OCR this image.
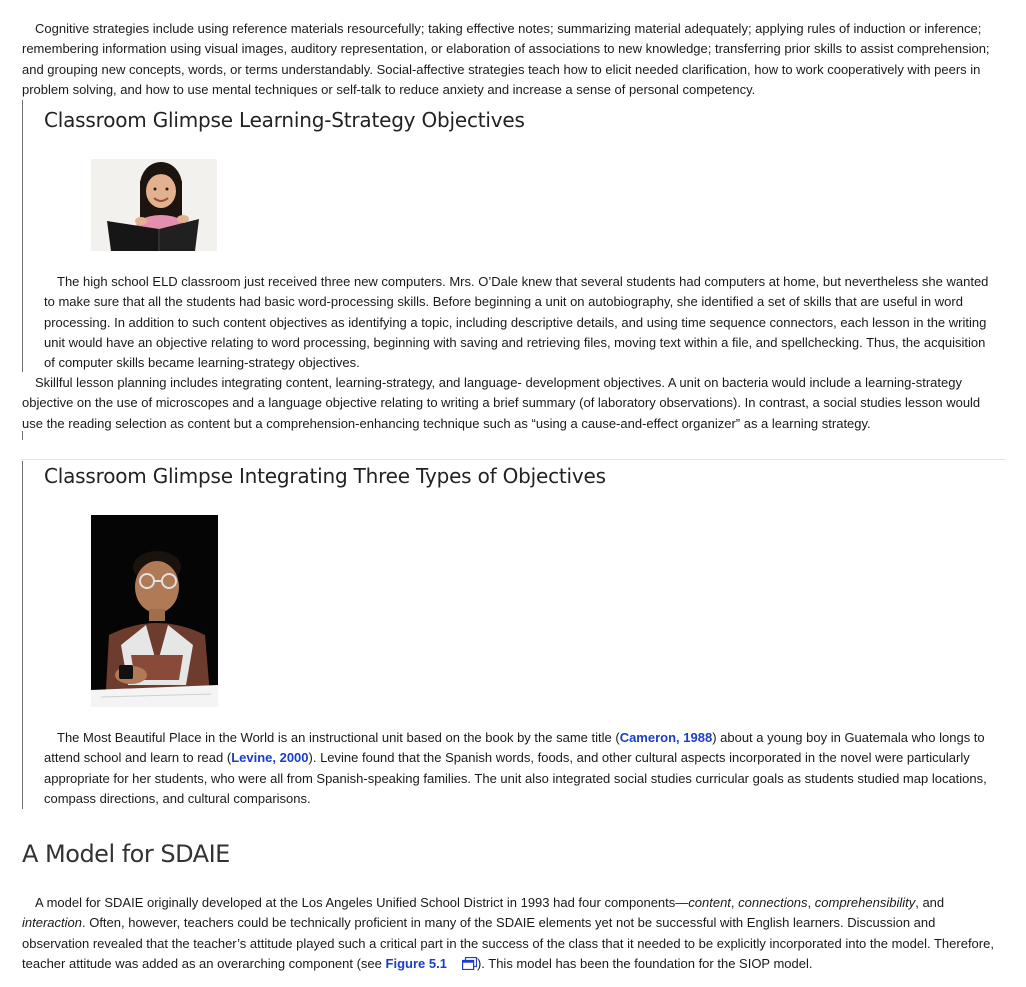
Cognitive strategies include using reference materials resourcefully; taking effective notes; summarizing material adequately; applying rules of induction or inference; remembering information using visual images, auditory representation, or elaboration of associations to new knowledge; transferring prior skills to assist comprehension; and grouping new concepts, words, or terms understandably. Social-affective strategies teach how to elicit needed clarification, how to work cooperatively with peers in problem solving, and how to use mental techniques or self-talk to reduce anxiety and increase a sense of personal competency.

Classroom Glimpse Learning-Strategy Objectives

The high school ELD classroom just received three new computers. Mrs. O’Dale knew that several students had computers at home, but nevertheless she wanted to make sure that all the students had basic word-processing skills. Before beginning a unit on autobiography, she identified a set of skills that are useful in word processing. In addition to such content objectives as identifying a topic, including descriptive details, and using time sequence connectors, each lesson in the writing unit would have an objective relating to word processing, beginning with saving and retrieving files, moving text within a file, and spellchecking. Thus, the acquisition of computer skills became learning-strategy objectives.

Skillful lesson planning includes integrating content, learning-strategy, and language- development objectives. A unit on bacteria would include a learning-strategy objective on the use of microscopes and a language objective relating to writing a brief summary (of laboratory observations). In contrast, a social studies lesson would use the reading selection as content but a comprehension-enhancing technique such as “using a cause-and-effect organizer” as a learning strategy.

Classroom Glimpse Integrating Three Types of Objectives

The Most Beautiful Place in the World is an instructional unit based on the book by the same title (Cameron, 1988) about a young boy in Guatemala who longs to attend school and learn to read (Levine, 2000). Levine found that the Spanish words, foods, and other cultural aspects incorporated in the novel were particularly appropriate for her students, who were all from Spanish-speaking families. The unit also integrated social studies curricular goals as students studied map locations, compass directions, and cultural comparisons.

A Model for SDAIE

A model for SDAIE originally developed at the Los Angeles Unified School District in 1993 had four components—content, connections, comprehensibility, and interaction. Often, however, teachers could be technically proficient in many of the SDAIE elements yet not be successful with English learners. Discussion and observation revealed that the teacher’s attitude played such a critical part in the success of the class that it needed to be explicitly incorporated into the model. Therefore, teacher attitude was added as an overarching component (see Figure 5.1 ). This model has been the foundation for the SIOP model.
